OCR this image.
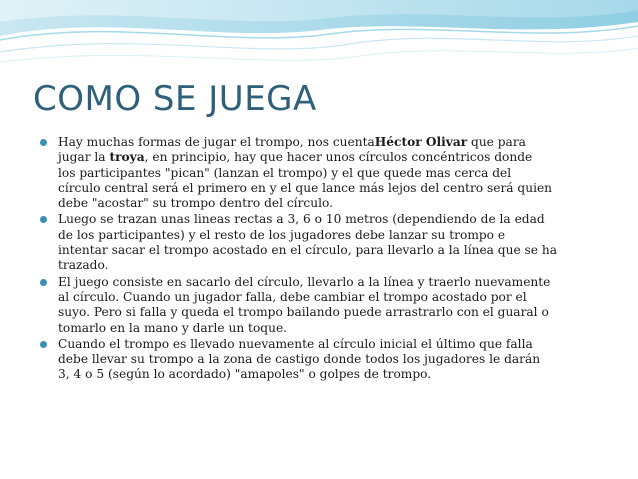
COMO SE JUEGA
Hay muchas formas de jugar el trompo, nos cuentaHéctor Olivar que para
jugar la troya, en principio, hay que hacer unos círculos concéntricos donde
los participantes "pican" (lanzan el trompo) y el que quede mas cerca del
círculo central será el primero en y el que lance más lejos del centro será quien
debe "acostar" su trompo dentro del círculo.
Luego se trazan unas lineas rectas a 3, 6 o 10 metros (dependiendo de la edad
de los participantes) y el resto de los jugadores debe lanzar su trompo e
intentar sacar el trompo acostado en el círculo, para llevarlo a la línea que se ha
trazado.
El juego consiste en sacarlo del círculo, llevarlo a la línea y traerlo nuevamente
al círculo. Cuando un jugador falla, debe cambiar el trompo acostado por el
suyo. Pero si falla y queda el trompo bailando puede arrastrarlo con el guaral o
tomarlo en la mano y darle un toque.
Cuando el trompo es llevado nuevamente al círculo inicial el último que falla
debe llevar su trompo a la zona de castigo donde todos los jugadores le darán
3, 4 o 5 (según lo acordado) "amapoles" o golpes de trompo.
